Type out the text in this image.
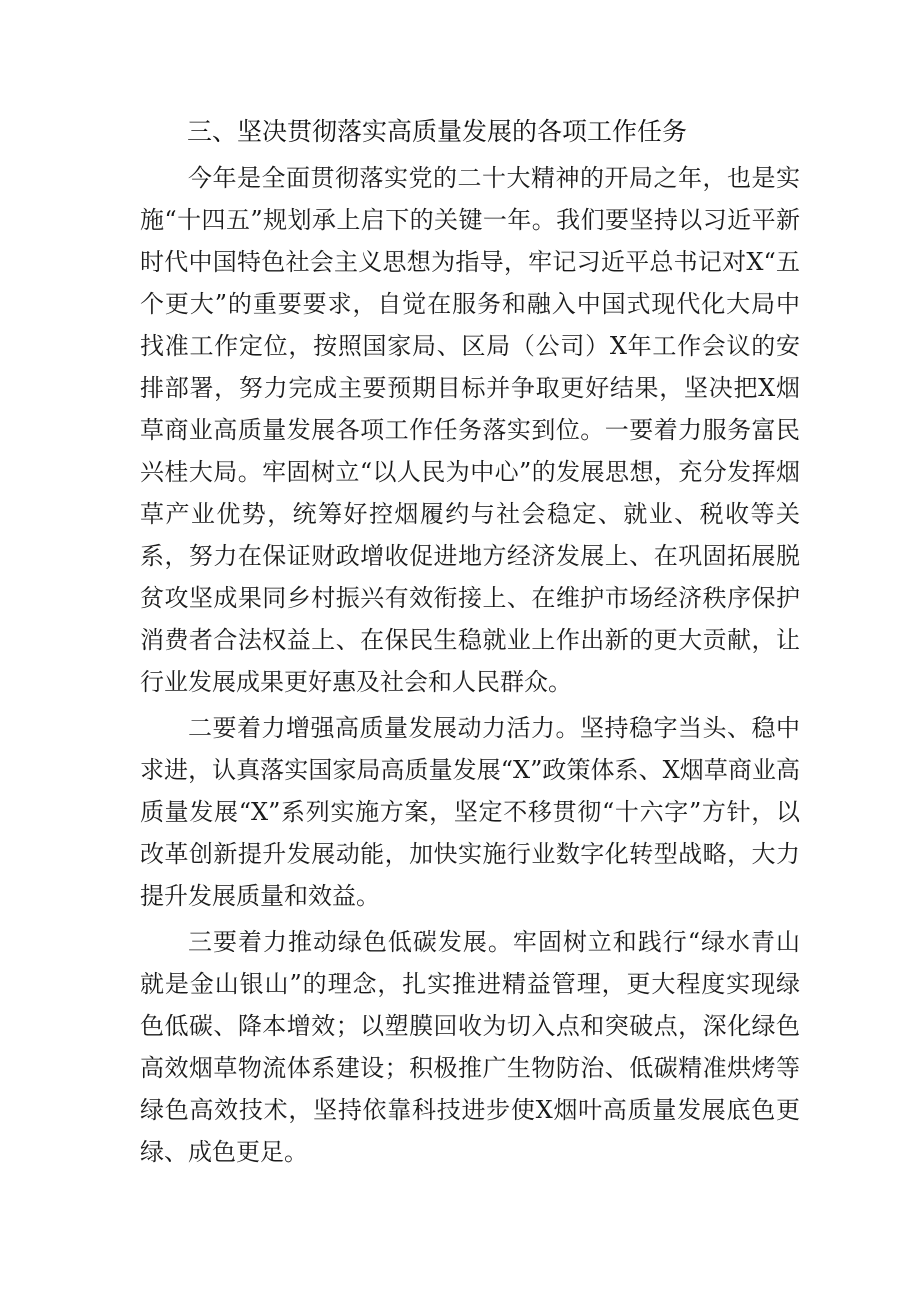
三、坚决贯彻落实高质量发展的各项工作任务

今年是全面贯彻落实党的二十大精神的开局之年，也是实施“十四五”规划承上启下的关键一年。我们要坚持以习近平新时代中国特色社会主义思想为指导，牢记习近平总书记对X“五个更大”的重要要求，自觉在服务和融入中国式现代化大局中找准工作定位，按照国家局、区局（公司）X年工作会议的安排部署，努力完成主要预期目标并争取更好结果，坚决把X烟草商业高质量发展各项工作任务落实到位。一要着力服务富民兴桂大局。牢固树立“以人民为中心”的发展思想，充分发挥烟草产业优势，统筹好控烟履约与社会稳定、就业、税收等关系，努力在保证财政增收促进地方经济发展上、在巩固拓展脱贫攻坚成果同乡村振兴有效衔接上、在维护市场经济秩序保护消费者合法权益上、在保民生稳就业上作出新的更大贡献，让行业发展成果更好惠及社会和人民群众。

二要着力增强高质量发展动力活力。坚持稳字当头、稳中求进，认真落实国家局高质量发展“X”政策体系、X烟草商业高质量发展“X”系列实施方案，坚定不移贯彻“十六字”方针，以改革创新提升发展动能，加快实施行业数字化转型战略，大力提升发展质量和效益。

三要着力推动绿色低碳发展。牢固树立和践行“绿水青山就是金山银山”的理念，扎实推进精益管理，更大程度实现绿色低碳、降本增效；以塑膜回收为切入点和突破点，深化绿色高效烟草物流体系建设；积极推广生物防治、低碳精准烘烤等绿色高效技术，坚持依靠科技进步使X烟叶高质量发展底色更绿、成色更足。
